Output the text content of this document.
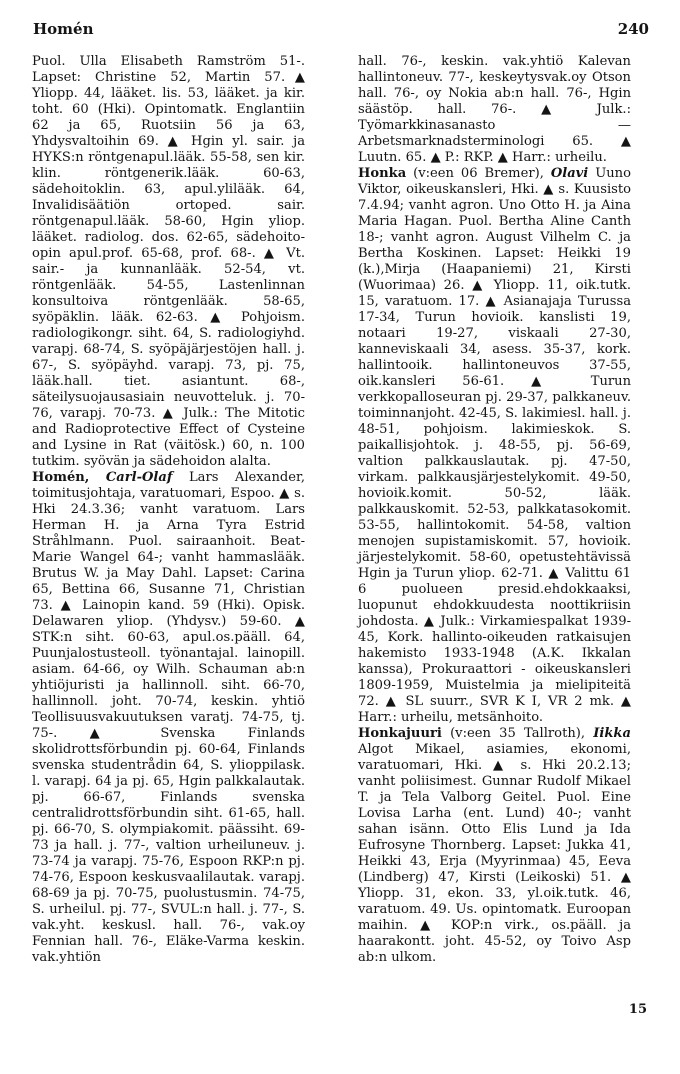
Homén	240

Puol. Ulla Elisabeth Ramström 51-. Lapset: Christine 52, Martin 57.▲ Yliopp. 44, lääket. lis. 53, lääket. ja kir. toht. 60 (Hki). Opintomatk. Englantiin 62 ja 65, Ruotsiin 56 ja 63, Yhdysvaltoihin 69. ▲ Hgin yl. sair. ja HYKS:n röntgenapul.lääk. 55-58, sen kir. klin. röntgenerik.lääk. 60-63, sädehoitoklin. 63, apul.ylilääk. 64, Invalidisäätiön ortoped. sair. röntgenapul.lääk. 58-60, Hgin yliop. lääket. radiolog. dos. 62-65, sädehoito-opin apul.prof. 65-68, prof. 68-. ▲ Vt. sair.- ja kunnanlääk. 52-54, vt. röntgenlääk. 54-55, Lastenlinnan konsultoiva röntgenlääk. 58-65, syöpäklin. lääk. 62-63. ▲ Pohjoism. radiologikongr. siht. 64, S. radiologiyhd. varapj. 68-74, S. syöpäjärjestöjen hall. j. 67-, S. syöpäyhd. varapj. 73, pj. 75, lääk.hall. tiet. asiantunt. 68-, säteilysuojausasiain neuvotteluk. j. 70-76, varapj. 70-73. ▲ Julk.: The Mitotic and Radioprotective Effect of Cysteine and Lysine in Rat (väitösk.) 60, n. 100 tutkim. syövän ja sädehoidon alalta.

Homén, Carl-Olaf Lars Alexander, toimitusjohtaja, varatuomari, Espoo. ▲ s. Hki 24.3.36; vanht varatuom. Lars Herman H. ja Arna Tyra Estrid Stråhlmann. Puol. sairaanhoit. Beat-Marie Wangel 64-; vanht hammaslääk. Brutus W. ja May Dahl. Lapset: Carina 65, Bettina 66, Susanne 71, Christian 73. ▲ Lainopin kand. 59 (Hki). Opisk. Delawaren yliop. (Yhdysv.) 59-60. ▲ STK:n siht. 60-63, apul.os.pääll. 64, Puunjalostusteoll. työnantajal. lainopill. asiam. 64-66, oy Wilh. Schauman ab:n yhtiöjuristi ja hallinnoll. siht. 66-70, hallinnoll. joht. 70-74, keskin. yhtiö Teollisuusvakuutuksen varatj. 74-75, tj. 75-. ▲ Svenska Finlands skolidrottsförbundin pj. 60-64, Finlands svenska studentrådin 64, S. ylioppilask. l. varapj. 64 ja pj. 65, Hgin palkkalautak. pj. 66-67, Finlands svenska centralidrottsförbundin siht. 61-65, hall. pj. 66-70, S. olympiakomit. päässiht. 69-73 ja hall. j. 77-, valtion urheiluneuv. j. 73-74 ja varapj. 75-76, Espoon RKP:n pj. 74-76, Espoon keskusvaalilautak. varapj. 68-69 ja pj. 70-75, puolustusmin. 74-75, S. urheilul. pj. 77-, SVUL:n hall. j. 77-, S. vak.yht. keskusl. hall. 76-, vak.oy Fennian hall. 76-, Eläke-Varma keskin. vak.yhtiön

hall. 76-, keskin. vak.yhtiö Kalevan hallintoneuv. 77-, keskeytysvak.oy Otson hall. 76-, oy Nokia ab:n hall. 76-, Hgin säästöp. hall. 76-. ▲ Julk.: Työmarkkinasanasto — Arbetsmarknadsterminologi 65. ▲ Luutn. 65. ▲ P.: RKP. ▲ Harr.: urheilu.

Honka (v:een 06 Bremer), Olavi Uuno Viktor, oikeuskansleri, Hki. ▲ s. Kuusisto 7.4.94; vanht agron. Uno Otto H. ja Aina Maria Hagan. Puol. Bertha Aline Canth 18-; vanht agron. August Vilhelm C. ja Bertha Koskinen. Lapset: Heikki 19 (k.),Mirja (Haapaniemi) 21, Kirsti (Wuorimaa) 26. ▲ Yliopp. 11, oik.tutk. 15, varatuom. 17. ▲ Asianajaja Turussa 17-34, Turun hovioik. kanslisti 19, notaari 19-27, viskaali 27-30, kanneviskaali 34, asess. 35-37, kork. hallintooik. hallintoneuvos 37-55, oik.kansleri 56-61. ▲ Turun verkkopalloseuran pj. 29-37, palkkaneuv. toiminnanjoht. 42-45, S. lakimiesl. hall. j. 48-51, pohjoism. lakimieskok. S. paikallisjohtok. j. 48-55, pj. 56-69, valtion palkkauslautak. pj. 47-50, virkam. palkkausjärjestelykomit. 49-50, hovioik.komit. 50-52, lääk. palkkauskomit. 52-53, palkkatasokomit. 53-55, hallintokomit. 54-58, valtion menojen supistamiskomit. 57, hovioik. järjestelykomit. 58-60, opetustehtävissä Hgin ja Turun yliop. 62-71. ▲ Valittu 61 6 puolueen presid.ehdokkaaksi, luopunut ehdokkuudesta noottikriisin johdosta. ▲ Julk.: Virkamiespalkat 1939-45, Kork. hallinto-oikeuden ratkaisujen hakemisto 1933-1948 (A.K. Ikkalan kanssa), Prokuraattori - oikeuskansleri 1809-1959, Muistelmia ja mielipiteitä 72. ▲ SL suurr., SVR K I, VR 2 mk. ▲ Harr.: urheilu, metsänhoito.

Honkajuuri (v:een 35 Tallroth), Iikka Algot Mikael, asiamies, ekonomi, varatuomari, Hki. ▲ s. Hki 20.2.13; vanht poliisimest. Gunnar Rudolf Mikael T. ja Tela Valborg Geitel. Puol. Eine Lovisa Larha (ent. Lund) 40-; vanht sahan isänn. Otto Elis Lund ja Ida Eufrosyne Thornberg. Lapset: Jukka 41, Heikki 43, Erja (Myyrinmaa) 45, Eeva (Lindberg) 47, Kirsti (Leikoski) 51. ▲ Yliopp. 31, ekon. 33, yl.oik.tutk. 46, varatuom. 49. Us. opintomatk. Euroopan maihin. ▲ KOP:n virk., os.pääll. ja haarakontt. joht. 45-52, oy Toivo Asp ab:n ulkom.

15
